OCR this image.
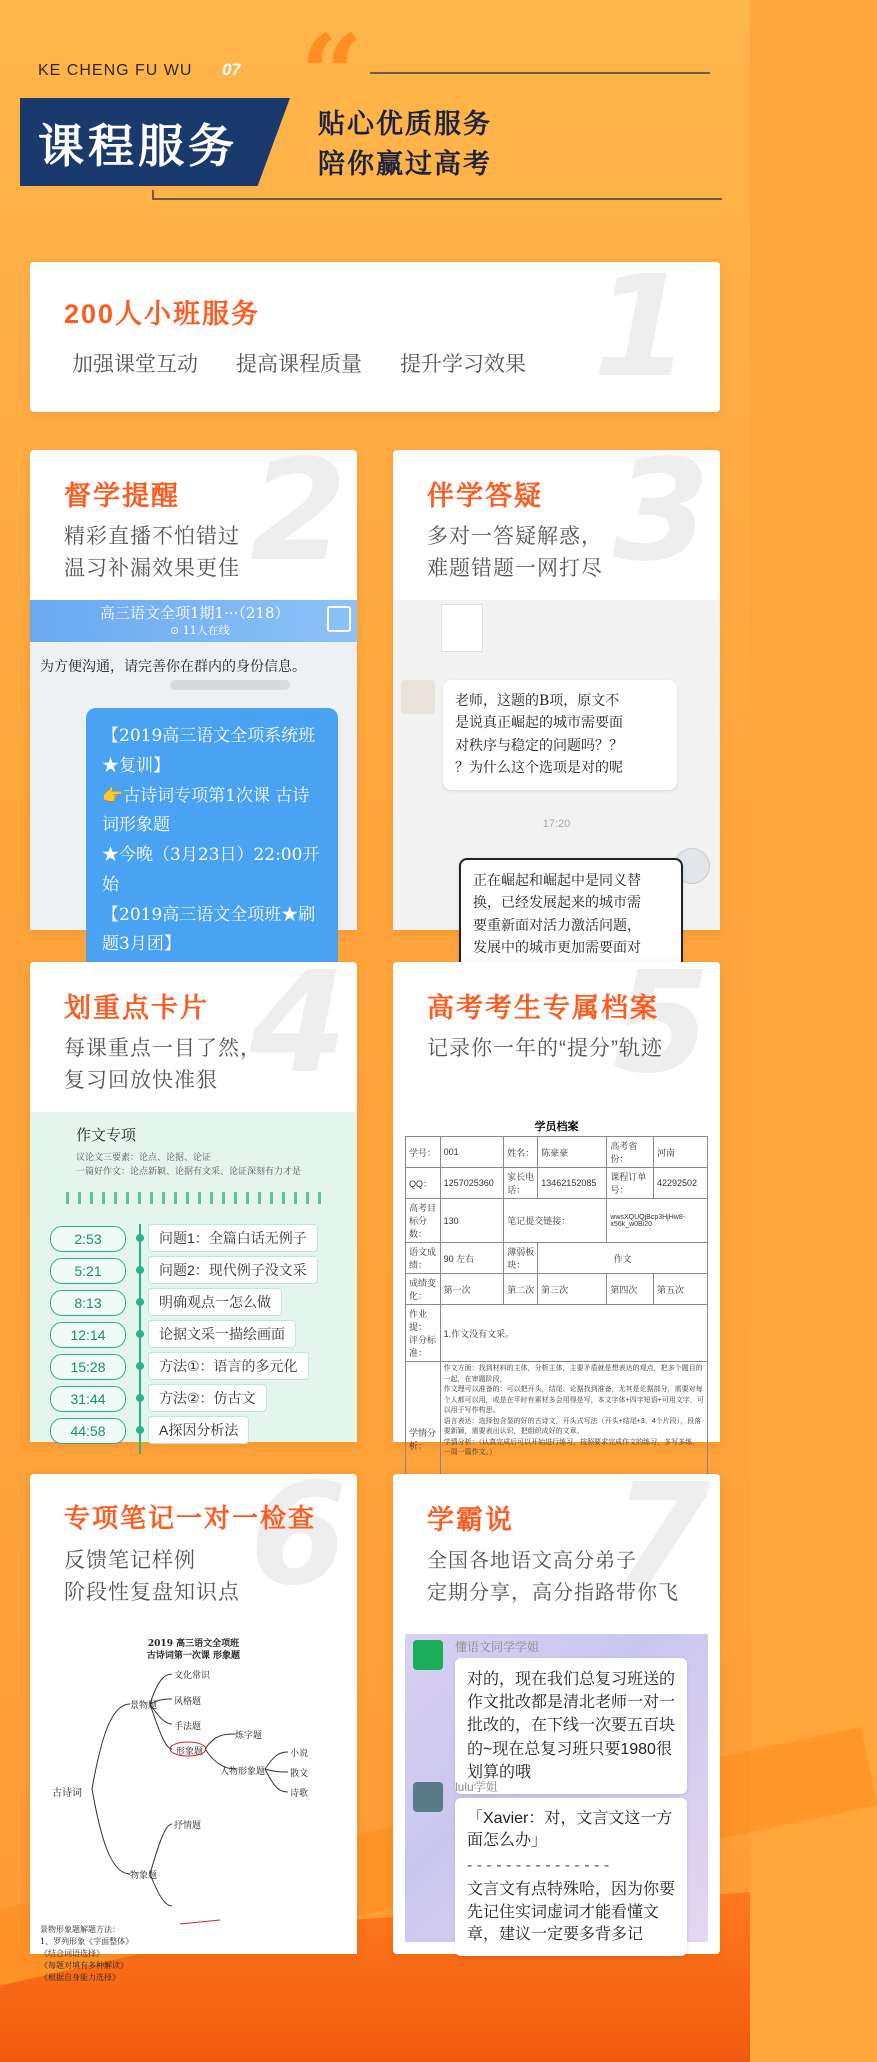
KE CHENG FU WU 07 “
课程服务	贴心优质服务
陪你赢过高考
1
200人小班服务
加强课堂互动 提高课程质量 提升学习效果
2
督学提醒
精彩直播不怕错过
温习补漏效果更佳
高三语文全项1期1···（218）
⊙ 11人在线
为方便沟通，请完善你在群内的身份信息。
【2019高三语文全项系统班
★复训】
👉古诗词专项第1次课 古诗
词形象题
★今晚（3月23日）22:00开
始
【2019高三语文全项班★刷
题3月团】
3
伴学答疑
多对一答疑解惑，
难题错题一网打尽
老师，这题的B项，原文不
是说真正崛起的城市需要面
对秩序与稳定的问题吗？？
？为什么这个选项是对的呢
17:20
正在崛起和崛起中是同义替
换，已经发展起来的城市需
要重新面对活力激活问题，
发展中的城市更加需要面对
4
划重点卡片
每课重点一目了然，
复习回放快准狠
作文专项
议论文三要素：论点、论据、论证
一篇好作文：论点新颖、论据有文采、论证深刻有力才是
2:53	问题1：全篇白话无例子
5:21	问题2：现代例子没文采
8:13	明确观点一怎么做
12:14	论据文采一描绘画面
15:28	方法①：语言的多元化
31:44	方法②：仿古文
44:58	A探因分析法
5
高考考生专属档案
记录你一年的“提分”轨迹
学员档案
学号：	001	姓名：	陈豪豪	高考省份：	河南
QQ：	1257025360	家长电话：	13462152085	课程订单号：	42292502
高考目标分数：	130	笔记提交链接：		wwsXQUQjBcp3HjHw8-x56k_w0Bi20	
语文成绩：	90 左右	薄弱板块：	作文		
成绩变化：	第一次	第二次	第三次	第四次	第五次
作业提：
评分标准：	1.作文没有文采。				
学情分析：	作文方面：找到材料的主体，分析主体，主要矛盾就是想表达的观点，把多个题目的一起，在审题阶段，
作文理可以准备的：可以把开头，结尾、论据找到准备，尤其是论据部分，需要对每个人都可以用，或是在平时有素材多会用得是写，本文字体+四字短语+可用文字，可以用于写作构思。
语言表达：选择包含显的好的古诗文，开头式写法（开头+结尾+3、4个片段），段落要新颖，需要表出认识，把组织成好的文章。
学情分析：（认真完成后可以开始进行练习，按照要求完成作文的练习，多写多练，一周一篇作文。）				
6
专项笔记一对一检查
反馈笔记样例
阶段性复盘知识点
2019 高三语文全项班
古诗词第一次课 形象题
古诗词
景物题
文化常识
风格题
手法题
形象题
炼字题
人物形象题
小说
散文
诗歌
物象题
抒情题
景物形象题解题方法：
1、罗列形象《字面整体》
《结合词语选择》
《每题对填有多种解读》
《根据自身能力选择》
7
学霸说
全国各地语文高分弟子
定期分享，高分指路带你飞
懂语文同学学姐
对的，现在我们总复习班送的作文批改都是清北老师一对一批改的，在下线一次要五百块的~现在总复习班只要1980很划算的哦
lulu学姐
「Xavier：对，文言文这一方面怎么办」
- - - - - - - - - - - - - - -
文言文有点特殊哈，因为你要先记住实词虚词才能看懂文章，建议一定要多背多记
